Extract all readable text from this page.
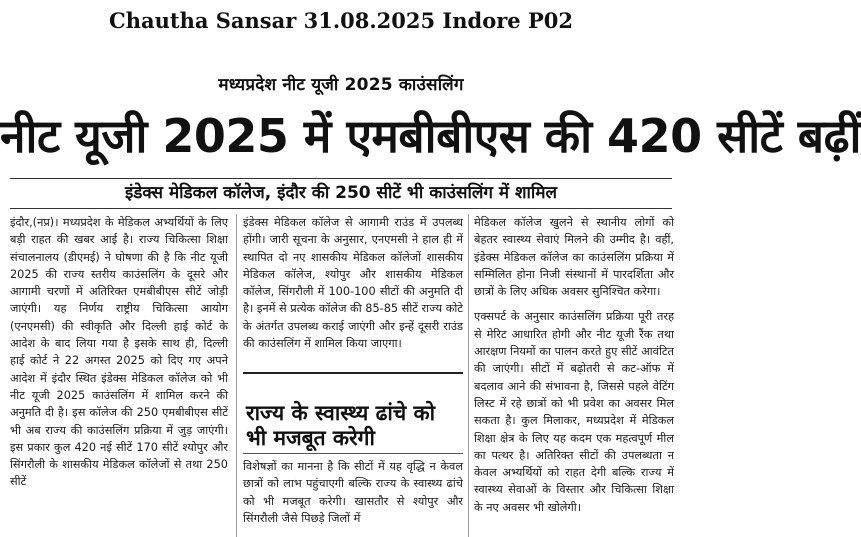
Chautha Sansar 31.08.2025 Indore P02
मध्यप्रदेश नीट यूजी 2025 काउंसलिंग
नीट यूजी 2025 में एमबीबीएस की 420 सीटें बढ़ीं
इंडेक्स मेडिकल कॉलेज, इंदौर की 250 सीटें भी काउंसलिंग में शामिल

इंदौर,(नप्र)। मध्यप्रदेश के मेडिकल अभ्यर्थियों के लिए बड़ी राहत की खबर आई है। राज्य चिकित्सा शिक्षा संचालनालय (डीएमई) ने घोषणा की है कि नीट यूजी 2025 की राज्य स्तरीय काउंसलिंग के दूसरे और आगामी चरणों में अतिरिक्त एमबीबीएस सीटें जोड़ी जाएंगी। यह निर्णय राष्ट्रीय चिकित्सा आयोग (एनएमसी) की स्वीकृति और दिल्ली हाई कोर्ट के आदेश के बाद लिया गया है इसके साथ ही, दिल्ली हाई कोर्ट ने 22 अगस्त 2025 को दिए गए अपने आदेश में इंदौर स्थित इंडेक्स मेडिकल कॉलेज को भी नीट यूजी 2025 काउंसलिंग में शामिल करने की अनुमति दी है। इस कॉलेज की 250 एमबीबीएस सीटें भी अब राज्य की काउंसलिंग प्रक्रिया में जुड़ जाएंगी। इस प्रकार कुल 420 नई सीटें 170 सीटें श्योपुर और सिंगरौली के शासकीय मेडिकल कॉलेजों से तथा 250 सीटें

इंडेक्स मेडिकल कॉलेज से आगामी राउंड में उपलब्ध होंगी। जारी सूचना के अनुसार, एनएमसी ने हाल ही में स्थापित दो नए शासकीय मेडिकल कॉलेजों शासकीय मेडिकल कॉलेज, श्योपुर और शासकीय मेडिकल कॉलेज, सिंगरौली में 100-100 सीटों की अनुमति दी है। इनमें से प्रत्येक कॉलेज की 85-85 सीटें राज्य कोटे के अंतर्गत उपलब्ध कराई जाएंगी और इन्हें दूसरी राउंड की काउंसलिंग में शामिल किया जाएगा।

राज्य के स्वास्थ्य ढांचे को भी मजबूत करेगी

विशेषज्ञों का मानना है कि सीटों में यह वृद्धि न केवल छात्रों को लाभ पहुंचाएगी बल्कि राज्य के स्वास्थ्य ढांचे को भी मजबूत करेगी। खासतौर से श्योपुर और सिंगरौली जैसे पिछड़े जिलों में

मेडिकल कॉलेज खुलने से स्थानीय लोगों को बेहतर स्वास्थ्य सेवाएं मिलने की उम्मीद है। वहीं, इंडेक्स मेडिकल कॉलेज का काउंसलिंग प्रक्रिया में सम्मिलित होना निजी संस्थानों में पारदर्शिता और छात्रों के लिए अधिक अवसर सुनिश्चित करेगा।

एक्सपर्ट के अनुसार काउंसलिंग प्रक्रिया पूरी तरह से मेरिट आधारित होगी और नीट यूजी रैंक तथा आरक्षण नियमों का पालन करते हुए सीटें आवंटित की जाएंगी। सीटों में बढ़ोतरी से कट-ऑफ में बदलाव आने की संभावना है, जिससे पहले वेटिंग लिस्ट में रहे छात्रों को भी प्रवेश का अवसर मिल सकता है। कुल मिलाकर, मध्यप्रदेश में मेडिकल शिक्षा क्षेत्र के लिए यह कदम एक महत्वपूर्ण मील का पत्थर है। अतिरिक्त सीटों की उपलब्धता न केवल अभ्यर्थियों को राहत देगी बल्कि राज्य में स्वास्थ्य सेवाओं के विस्तार और चिकित्सा शिक्षा के नए अवसर भी खोलेगी।
